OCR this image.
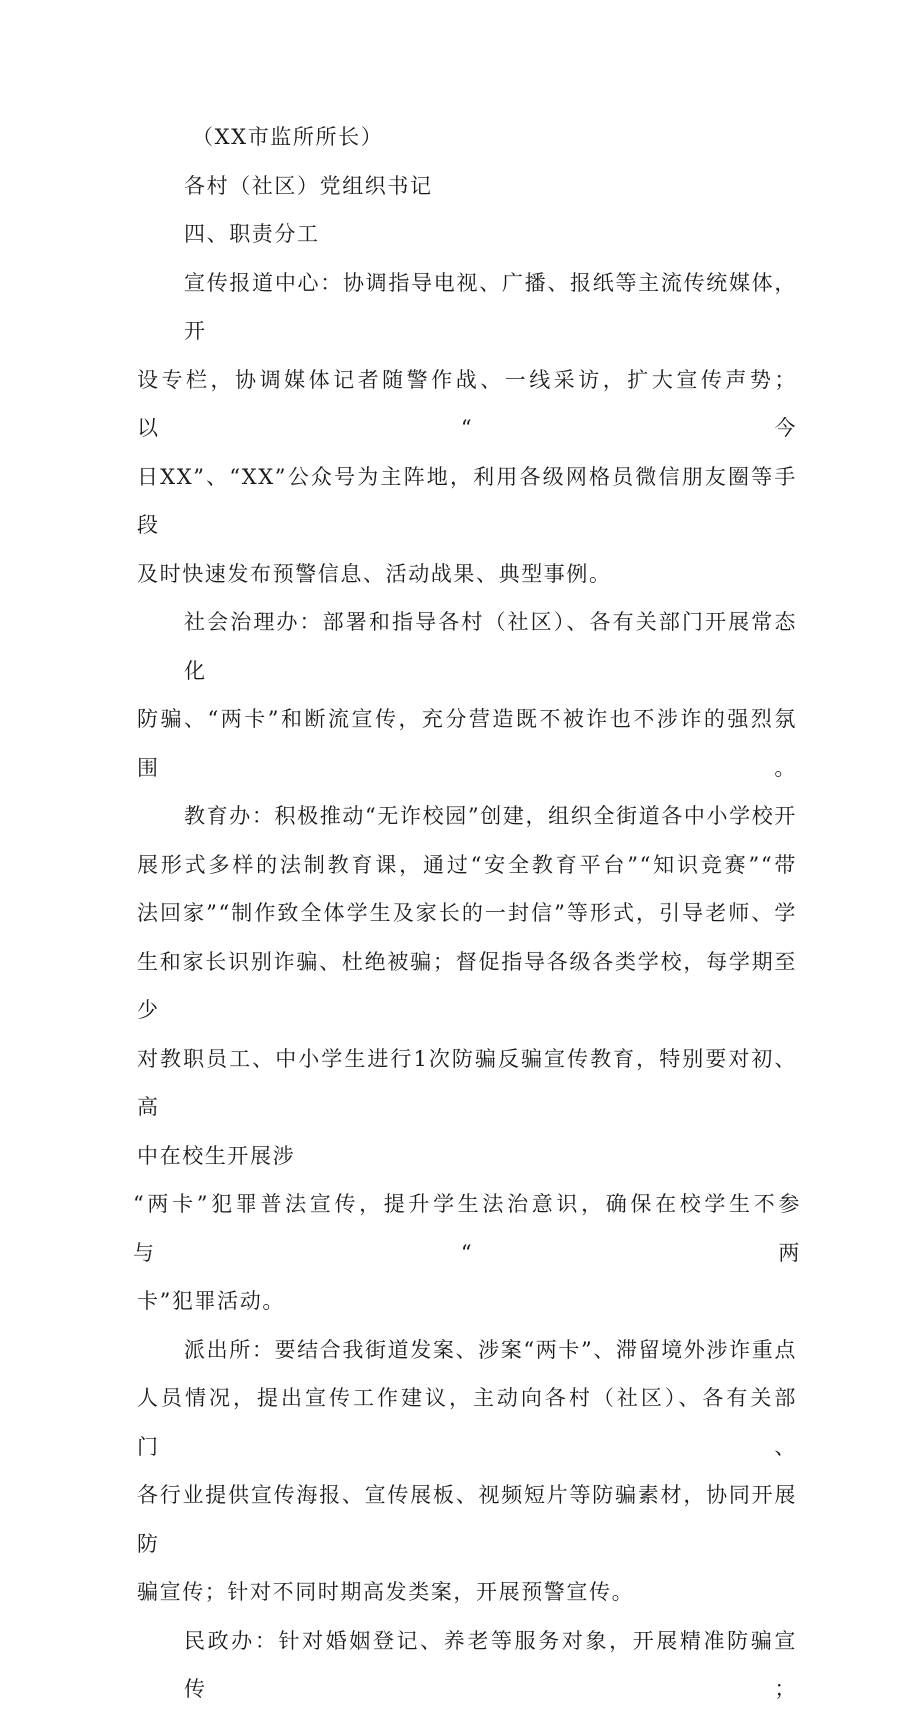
（XX市监所所长）

各村（社区）党组织书记

四、职责分工

宣传报道中心：协调指导电视、广播、报纸等主流传统媒体，开

设专栏，协调媒体记者随警作战、一线采访，扩大宣传声势；以“今

日XX”、“XX”公众号为主阵地，利用各级网格员微信朋友圈等手段

及时快速发布预警信息、活动战果、典型事例。

社会治理办：部署和指导各村（社区）、各有关部门开展常态化

防骗、“两卡”和断流宣传，充分营造既不被诈也不涉诈的强烈氛围。

教育办：积极推动“无诈校园”创建，组织全街道各中小学校开

展形式多样的法制教育课，通过“安全教育平台”“知识竞赛”“带

法回家”“制作致全体学生及家长的一封信”等形式，引导老师、学

生和家长识别诈骗、杜绝被骗；督促指导各级各类学校，每学期至少

对教职员工、中小学生进行1次防骗反骗宣传教育，特别要对初、高

中在校生开展涉

“两卡”犯罪普法宣传，提升学生法治意识，确保在校学生不参与“两

卡”犯罪活动。

派出所：要结合我街道发案、涉案“两卡”、滞留境外涉诈重点

人员情况，提出宣传工作建议，主动向各村（社区）、各有关部门、

各行业提供宣传海报、宣传展板、视频短片等防骗素材，协同开展防

骗宣传；针对不同时期高发类案，开展预警宣传。

民政办：针对婚姻登记、养老等服务对象，开展精准防骗宣传；
